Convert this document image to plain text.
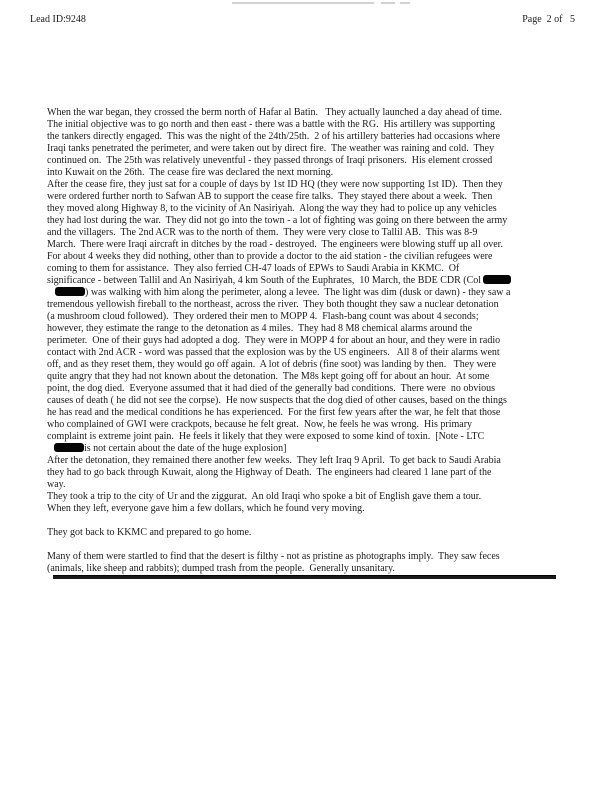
Lead ID:9248	Page  2 of   5
When the war began, they crossed the berm north of Hafar al Batin.   They actually launched a day ahead of time.
The initial objective was to go north and then east - there was a battle with the RG.  His artillery was supporting
the tankers directly engaged.  This was the night of the 24th/25th.  2 of his artillery batteries had occasions where
Iraqi tanks penetrated the perimeter, and were taken out by direct fire.  The weather was raining and cold.  They
continued on.  The 25th was relatively uneventful - they passed throngs of Iraqi prisoners.  His element crossed
into Kuwait on the 26th.  The cease fire was declared the next morning.
After the cease fire, they just sat for a couple of days by 1st ID HQ (they were now supporting 1st ID).  Then they
were ordered further north to Safwan AB to support the cease fire talks.  They stayed there about a week.  Then
they moved along Highway 8, to the vicinity of An Nasiriyah.  Along the way they had to police up any vehicles
they had lost during the war.  They did not go into the town - a lot of fighting was going on there between the army
and the villagers.  The 2nd ACR was to the north of them.  They were very close to Tallil AB.  This was 8-9
March.  There were Iraqi aircraft in ditches by the road - destroyed.  The engineers were blowing stuff up all over.
For about 4 weeks they did nothing, other than to provide a doctor to the aid station - the civilian refugees were
coming to them for assistance.  They also ferried CH-47 loads of EPWs to Saudi Arabia in KKMC.  Of
significance - between Tallil and An Nasiriyah, 4 km South of the Euphrates,  10 March, the BDE CDR (Col
) was walking with him along the perimeter, along a levee.  The light was dim (dusk or dawn) - they saw a
tremendous yellowish fireball to the northeast, across the river.  They both thought they saw a nuclear detonation
(a mushroom cloud followed).  They ordered their men to MOPP 4.  Flash-bang count was about 4 seconds;
however, they estimate the range to the detonation as 4 miles.  They had 8 M8 chemical alarms around the
perimeter.  One of their guys had adopted a dog.  They were in MOPP 4 for about an hour, and they were in radio
contact with 2nd ACR - word was passed that the explosion was by the US engineers.   All 8 of their alarms went
off, and as they reset them, they would go off again.  A lot of debris (fine soot) was landing by then.   They were
quite angry that they had not known about the detonation.  The M8s kept going off for about an hour.  At some
point, the dog died.  Everyone assumed that it had died of the generally bad conditions.  There were  no obvious
causes of death ( he did not see the corpse).  He now suspects that the dog died of other causes, based on the things
he has read and the medical conditions he has experienced.  For the first few years after the war, he felt that those
who complained of GWI were crackpots, because he felt great.  Now, he feels he was wrong.  His primary
complaint is extreme joint pain.  He feels it likely that they were exposed to some kind of toxin.  [Note - LTC
is not certain about the date of the huge explosion]
After the detonation, they remained there another few weeks.  They left Iraq 9 April.  To get back to Saudi Arabia
they had to go back through Kuwait, along the Highway of Death.  The engineers had cleared 1 lane part of the
way.
They took a trip to the city of Ur and the ziggurat.  An old Iraqi who spoke a bit of English gave them a tour.
When they left, everyone gave him a few dollars, which he found very moving.

They got back to KKMC and prepared to go home.

Many of them were startled to find that the desert is filthy - not as pristine as photographs imply.  They saw feces
(animals, like sheep and rabbits); dumped trash from the people.  Generally unsanitary.
